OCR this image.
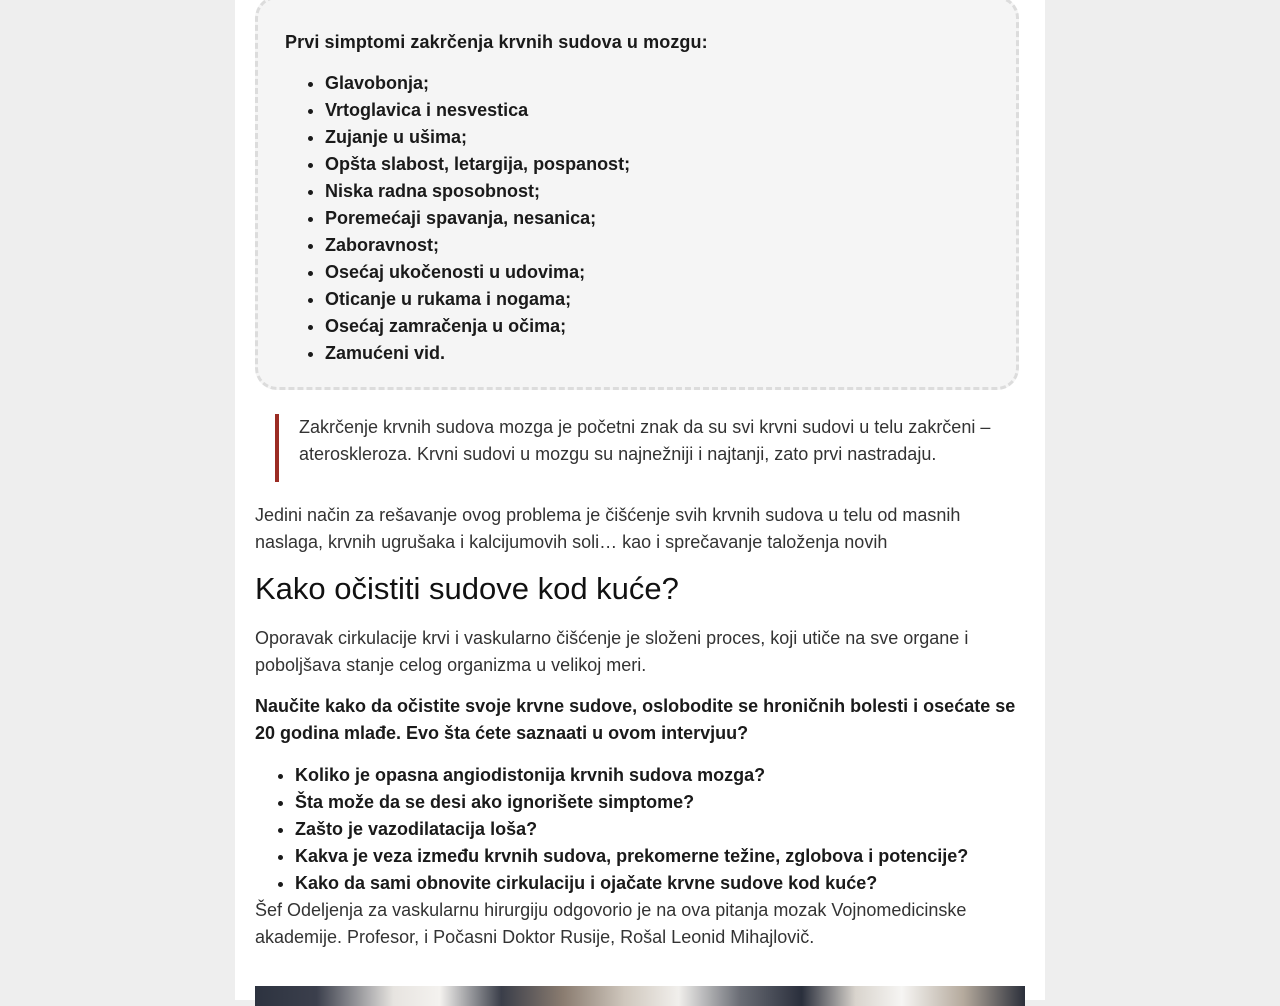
Prvi simptomi zakrčenja krvnih sudova u mozgu:

• Glavobonja;
• Vrtoglavica i nesvestica
• Zujanje u ušima;
• Opšta slabost, letargija, pospanost;
• Niska radna sposobnost;
• Poremećaji spavanja, nesanica;
• Zaboravnost;
• Osećaj ukočenosti u udovima;
• Oticanje u rukama i nogama;
• Osećaj zamračenja u očima;
• Zamućeni vid.

Zakrčenje krvnih sudova mozga je početni znak da su svi krvni sudovi u telu zakrčeni – ateroskleroza. Krvni sudovi u mozgu su najnežniji i najtanji, zato prvi nastradaju.

Jedini način za rešavanje ovog problema je čišćenje svih krvnih sudova u telu od masnih naslaga, krvnih ugrušaka i kalcijumovih soli… kao i sprečavanje taloženja novih

Kako očistiti sudove kod kuće?

Oporavak cirkulacije krvi i vaskularno čišćenje je složeni proces, koji utiče na sve organe i poboljšava stanje celog organizma u velikoj meri.

Naučite kako da očistite svoje krvne sudove, oslobodite se hroničnih bolesti i osećate se 20 godina mlađe. Evo šta ćete saznaati u ovom intervjuu?

• Koliko je opasna angiodistonija krvnih sudova mozga?
• Šta može da se desi ako ignorišete simptome?
• Zašto je vazodilatacija loša?
• Kakva je veza između krvnih sudova, prekomerne težine, zglobova i potencije?
• Kako da sami obnovite cirkulaciju i ojačate krvne sudove kod kuće?

Šef Odeljenja za vaskularnu hirurgiju odgovorio je na ova pitanja mozak Vojnomedicinske akademije. Profesor, i Počasni Doktor Rusije, Rošal Leonid Mihajlovič.
